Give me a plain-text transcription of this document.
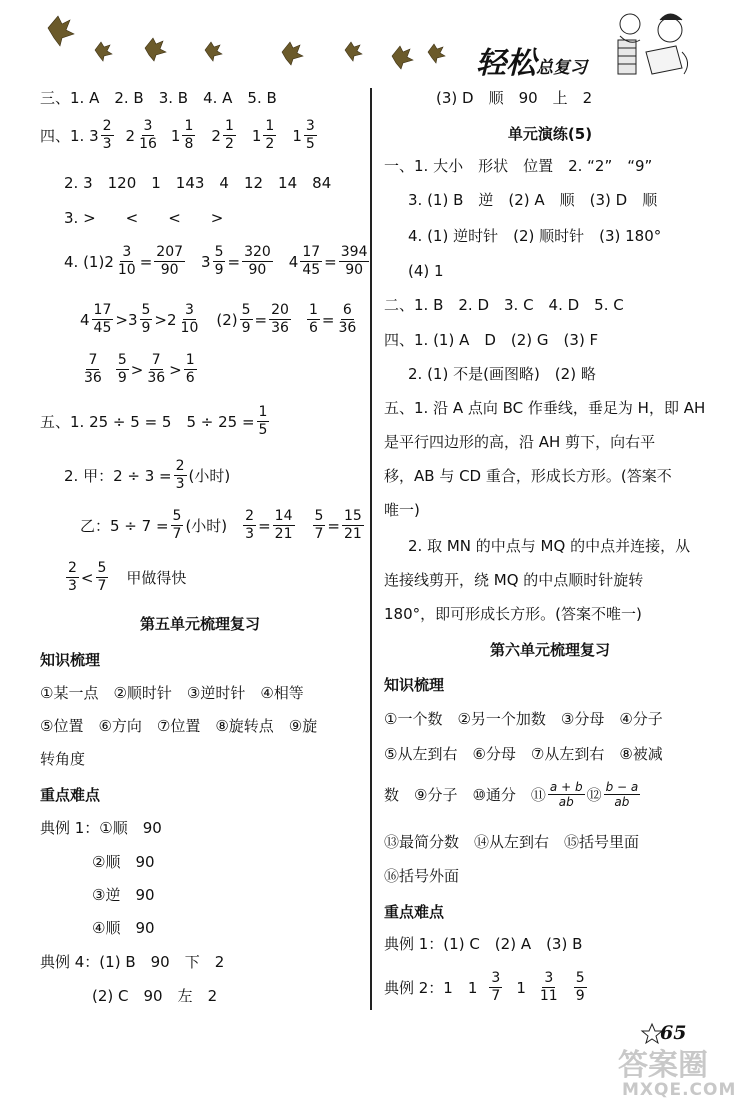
轻松总复习
三、1. A　2. B　3. B　4. A　5. B
四、1. $3 \frac{2}{3} 2 \frac{3}{16} 1 \frac{1}{8} 2 \frac{1}{2} 1 \frac{1}{2} 1 \frac{3}{5}$
2. 3　120　1　143　4　12　14　84
3. >　　<　　<　　>
4. (1) $2 \frac{3}{10} = \frac{207}{90} 3 \frac{5}{9} = \frac{320}{90} 4 \frac{17}{45} = \frac{394}{90}$
$4 \frac{17}{45} > 3 \frac{5}{9} > 2 \frac{3}{10} (2) \frac{5}{9} = \frac{20}{36} \frac{1}{6} = \frac{6}{36}$
$\frac{7}{36} \frac{5}{9} > \frac{7}{36} > \frac{1}{6}$
五、1. 25 ÷ 5 = 5　$5 \div 25 = \frac{1}{5}$
2. 甲：$2 \div 3 = \frac{2}{3}$ (小时)
乙：$5 \div 7 = \frac{5}{7}$ (小时) $\frac{2}{3} = \frac{14}{21} \frac{5}{7} = \frac{15}{21}$
$\frac{2}{3} < \frac{5}{7}$ 甲做得快
第五单元梳理复习
知识梳理
①某一点　②顺时针　③逆时针　④相等
⑤位置　⑥方向　⑦位置　⑧旋转点　⑨旋
转角度
重点难点
典例 1：①顺　90
②顺　90
③逆　90
④顺　90
典例 4：(1) B　90　下　2
(2) C　90　左　2
(3) D　顺　90　上　2
单元演练(5)
一、1. 大小　形状　位置　2. “2”　“9”
3. (1) B　逆　(2) A　顺　(3) D　顺
4. (1) 逆时针　(2) 顺时针　(3) 180°
(4) 1
二、1. B　2. D　3. C　4. D　5. C
四、1. (1) A　D　(2) G　(3) F
2. (1) 不是(画图略)　(2) 略
五、1. 沿 A 点向 BC 作垂线，垂足为 H，即 AH
是平行四边形的高，沿 AH 剪下，向右平
移，AB 与 CD 重合，形成长方形。(答案不
唯一)
2. 取 MN 的中点与 MQ 的中点并连接，从
连接线剪开，绕 MQ 的中点顺时针旋转
180°，即可形成长方形。(答案不唯一)
第六单元梳理复习
知识梳理
①一个数　②另一个加数　③分母　④分子
⑤从左到右　⑥分母　⑦从左到右　⑧被减
数　⑨分子　⑩通分　⑪ $\frac{a + b}{ab}$ ⑫ $\frac{b - a}{ab}$
⑬最简分数　⑭从左到右　⑮括号里面
⑯括号外面
重点难点
典例 1：(1) C　(2) A　(3) B
典例 2：1　$1 \frac{3}{7} 1 \frac{3}{11} \frac{5}{9}$
65
答案圈
MXQE.COM
